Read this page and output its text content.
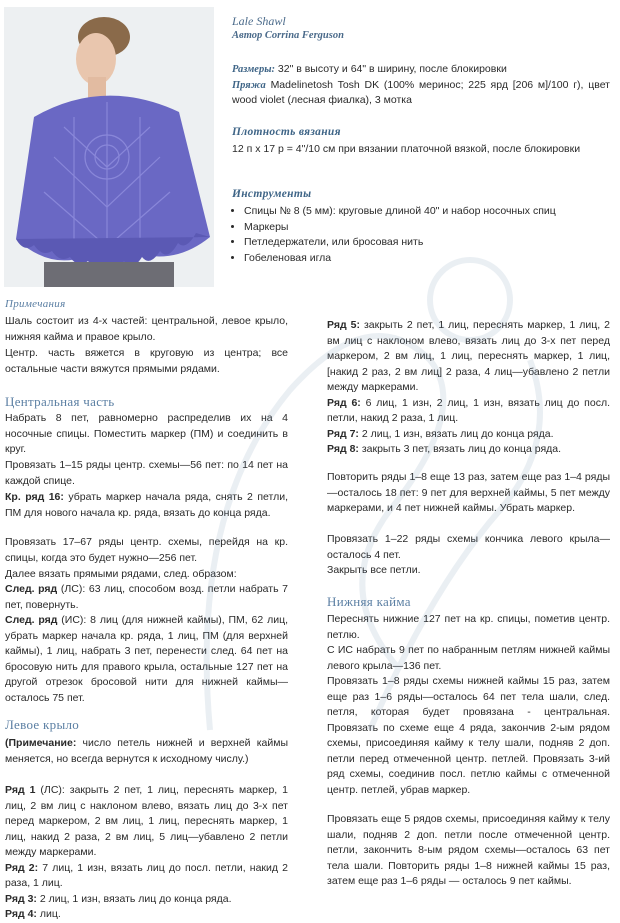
Lale Shawl
Автор Corrina Ferguson
Размеры: 32" в высоту и 64" в ширину, после блокировки
Пряжа Madelinetosh Tosh DK (100% меринос; 225 ярд [206 м]/100 г), цвет wood violet (лесная фиалка), 3 мотка
Плотность вязания
12 п х 17 р = 4"/10 см при вязании платочной вязкой, после блокировки
Инструменты
• Спицы № 8 (5 мм): круговые длиной 40" и набор носочных спиц
• Маркеры
• Петледержатели, или бросовая нить
• Гобеленовая игла
Примечания
Шаль состоит из 4-х частей: центральной, левое крыло, нижняя кайма и правое крыло.
Центр. часть вяжется в круговую из центра; все остальные части вяжутся прямыми рядами.
Центральная часть
Набрать 8 пет, равномерно распределив их на 4 носочные спицы. Поместить маркер (ПМ) и соединить в круг.
Провязать 1–15 ряды центр. схемы—56 пет: по 14 пет на каждой спице.
Кр. ряд 16: убрать маркер начала ряда, снять 2 петли, ПМ для нового начала кр. ряда, вязать до конца ряда.
Провязать 17–67 ряды центр. схемы, перейдя на кр. спицы, когда это будет нужно—256 пет.
Далее вязать прямыми рядами, след. образом:
След. ряд (ЛС): 63 лиц, способом возд. петли набрать 7 пет, повернуть.
След. ряд (ИС): 8 лиц (для нижней каймы), ПМ, 62 лиц, убрать маркер начала кр. ряда, 1 лиц, ПМ (для верхней каймы), 1 лиц, набрать 3 пет, перенести след. 64 пет на бросовую нить для правого крыла, остальные 127 пет на другой отрезок бросовой нити для нижней каймы—осталось 75 пет.
Левое крыло
(Примечание: число петель нижней и верхней каймы меняется, но всегда вернутся к исходному числу.)
Ряд 1 (ЛС): закрыть 2 пет, 1 лиц, переснять маркер, 1 лиц, 2 вм лиц с наклоном влево, вязать лиц до 3-х пет перед маркером, 2 вм лиц, 1 лиц, переснять маркер, 1 лиц, накид 2 раза, 2 вм лиц, 5 лиц—убавлено 2 петли между маркерами.
Ряд 2: 7 лиц, 1 изн, вязать лиц до посл. петли, накид 2 раза, 1 лиц.
Ряд 3: 2 лиц, 1 изн, вязать лиц до конца ряда.
Ряд 4: лиц.
Ряд 5: закрыть 2 пет, 1 лиц, переснять маркер, 1 лиц, 2 вм лиц с наклоном влево, вязать лиц до 3-х пет перед маркером, 2 вм лиц, 1 лиц, переснять маркер, 1 лиц, [накид 2 раз, 2 вм лиц] 2 раза, 4 лиц—убавлено 2 петли между маркерами.
Ряд 6: 6 лиц, 1 изн, 2 лиц, 1 изн, вязать лиц до посл. петли, накид 2 раза, 1 лиц.
Ряд 7: 2 лиц, 1 изн, вязать лиц до конца ряда.
Ряд 8: закрыть 3 пет, вязать лиц до конца ряда.
Повторить ряды 1–8 еще 13 раз, затем еще раз 1–4 ряды—осталось 18 пет: 9 пет для верхней каймы, 5 пет между маркерами, и 4 пет нижней каймы. Убрать маркер.
Провязать 1–22 ряды схемы кончика левого крыла—осталось 4 пет.
Закрыть все петли.
Нижняя кайма
Переснять нижние 127 пет на кр. спицы, пометив центр. петлю.
С ИС набрать 9 пет по набранным петлям нижней каймы левого крыла—136 пет.
Провязать 1–8 ряды схемы нижней каймы 15 раз, затем еще раз 1–6 ряды—осталось 64 пет тела шали, след. петля, которая будет провязана - центральная. Провязать по схеме еще 4 ряда, закончив 2-ым рядом схемы, присоединяя кайму к телу шали, подняв 2 доп. петли перед отмеченной центр. петлей. Провязать 3-ий ряд схемы, соединив посл. петлю каймы с отмеченной центр. петлей, убрав маркер.
Провязать еще 5 рядов схемы, присоединяя кайму к телу шали, подняв 2 доп. петли после отмеченной центр. петли, закончить 8-ым рядом схемы—осталось 63 пет тела шали. Повторить ряды 1–8 нижней каймы 15 раз, затем еще раз 1–6 ряды — осталось 9 пет каймы.
